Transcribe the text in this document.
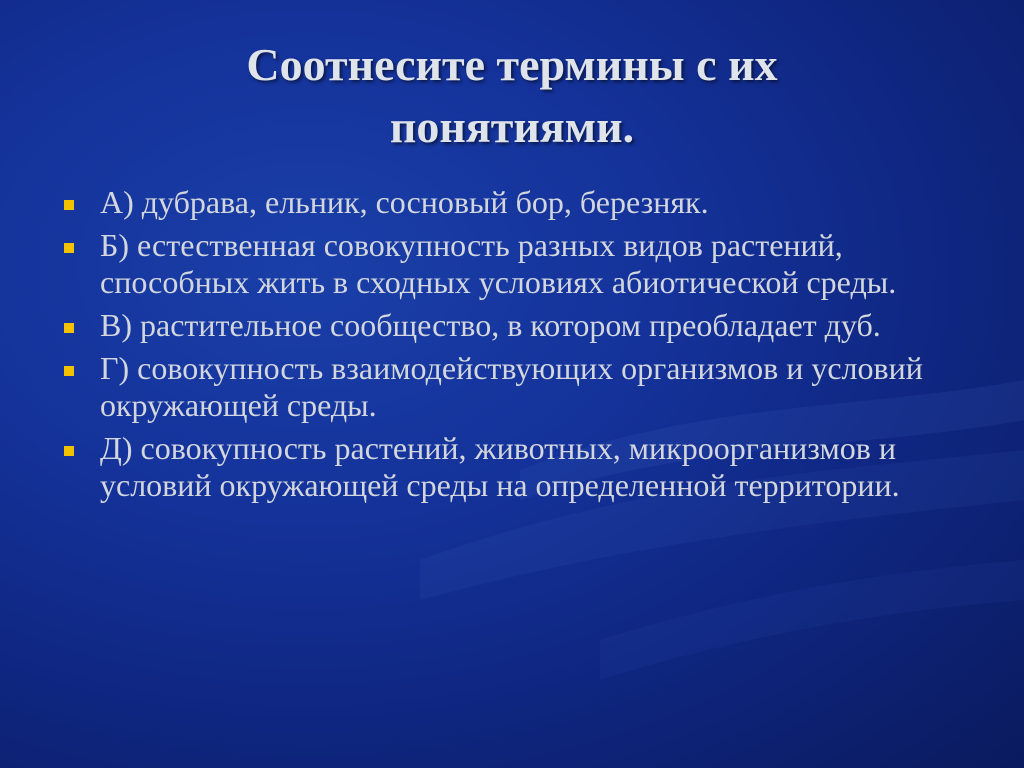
Соотнесите термины с их
понятиями.
А) дубрава, ельник, сосновый бор, березняк.
Б) естественная совокупность разных видов растений, способных жить в сходных условиях абиотической среды.
В) растительное сообщество, в котором преобладает дуб.
Г) совокупность взаимодействующих организмов и условий окружающей среды.
Д) совокупность растений, животных, микроорганизмов и условий окружающей среды на определенной территории.
